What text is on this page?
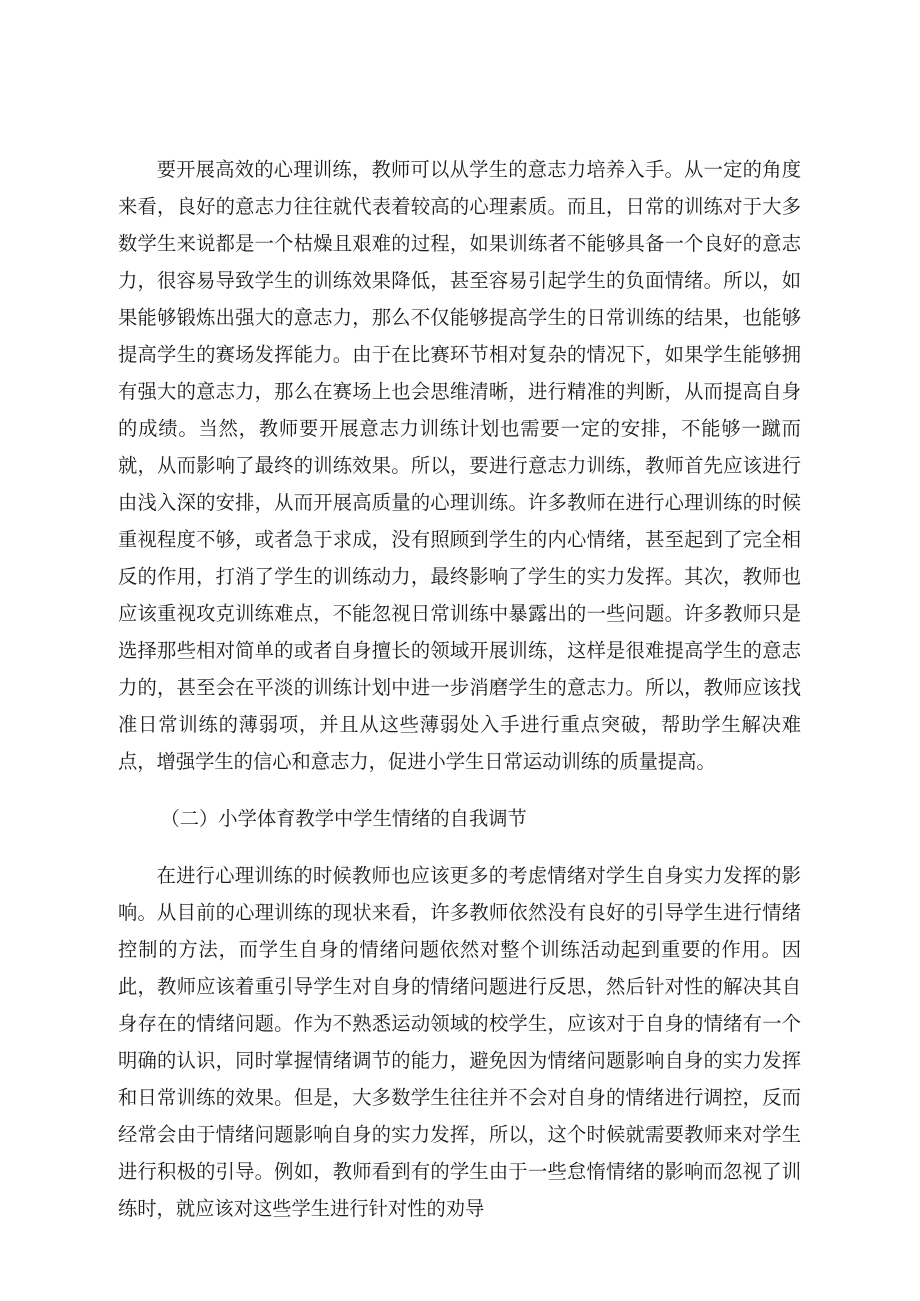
要开展高效的心理训练，教师可以从学生的意志力培养入手。从一定的角度来看，良好的意志力往往就代表着较高的心理素质。而且，日常的训练对于大多数学生来说都是一个枯燥且艰难的过程，如果训练者不能够具备一个良好的意志力，很容易导致学生的训练效果降低，甚至容易引起学生的负面情绪。所以，如果能够锻炼出强大的意志力，那么不仅能够提高学生的日常训练的结果，也能够提高学生的赛场发挥能力。由于在比赛环节相对复杂的情况下，如果学生能够拥有强大的意志力，那么在赛场上也会思维清晰，进行精准的判断，从而提高自身的成绩。当然，教师要开展意志力训练计划也需要一定的安排，不能够一蹴而就，从而影响了最终的训练效果。所以，要进行意志力训练，教师首先应该进行由浅入深的安排，从而开展高质量的心理训练。许多教师在进行心理训练的时候重视程度不够，或者急于求成，没有照顾到学生的内心情绪，甚至起到了完全相反的作用，打消了学生的训练动力，最终影响了学生的实力发挥。其次，教师也应该重视攻克训练难点，不能忽视日常训练中暴露出的一些问题。许多教师只是选择那些相对简单的或者自身擅长的领域开展训练，这样是很难提高学生的意志力的，甚至会在平淡的训练计划中进一步消磨学生的意志力。所以，教师应该找准日常训练的薄弱项，并且从这些薄弱处入手进行重点突破，帮助学生解决难点，增强学生的信心和意志力，促进小学生日常运动训练的质量提高。

（二）小学体育教学中学生情绪的自我调节

在进行心理训练的时候教师也应该更多的考虑情绪对学生自身实力发挥的影响。从目前的心理训练的现状来看，许多教师依然没有良好的引导学生进行情绪控制的方法，而学生自身的情绪问题依然对整个训练活动起到重要的作用。因此，教师应该着重引导学生对自身的情绪问题进行反思，然后针对性的解决其自身存在的情绪问题。作为不熟悉运动领域的校学生，应该对于自身的情绪有一个明确的认识，同时掌握情绪调节的能力，避免因为情绪问题影响自身的实力发挥和日常训练的效果。但是，大多数学生往往并不会对自身的情绪进行调控，反而经常会由于情绪问题影响自身的实力发挥，所以，这个时候就需要教师来对学生进行积极的引导。例如，教师看到有的学生由于一些怠惰情绪的影响而忽视了训练时，就应该对这些学生进行针对性的劝导
